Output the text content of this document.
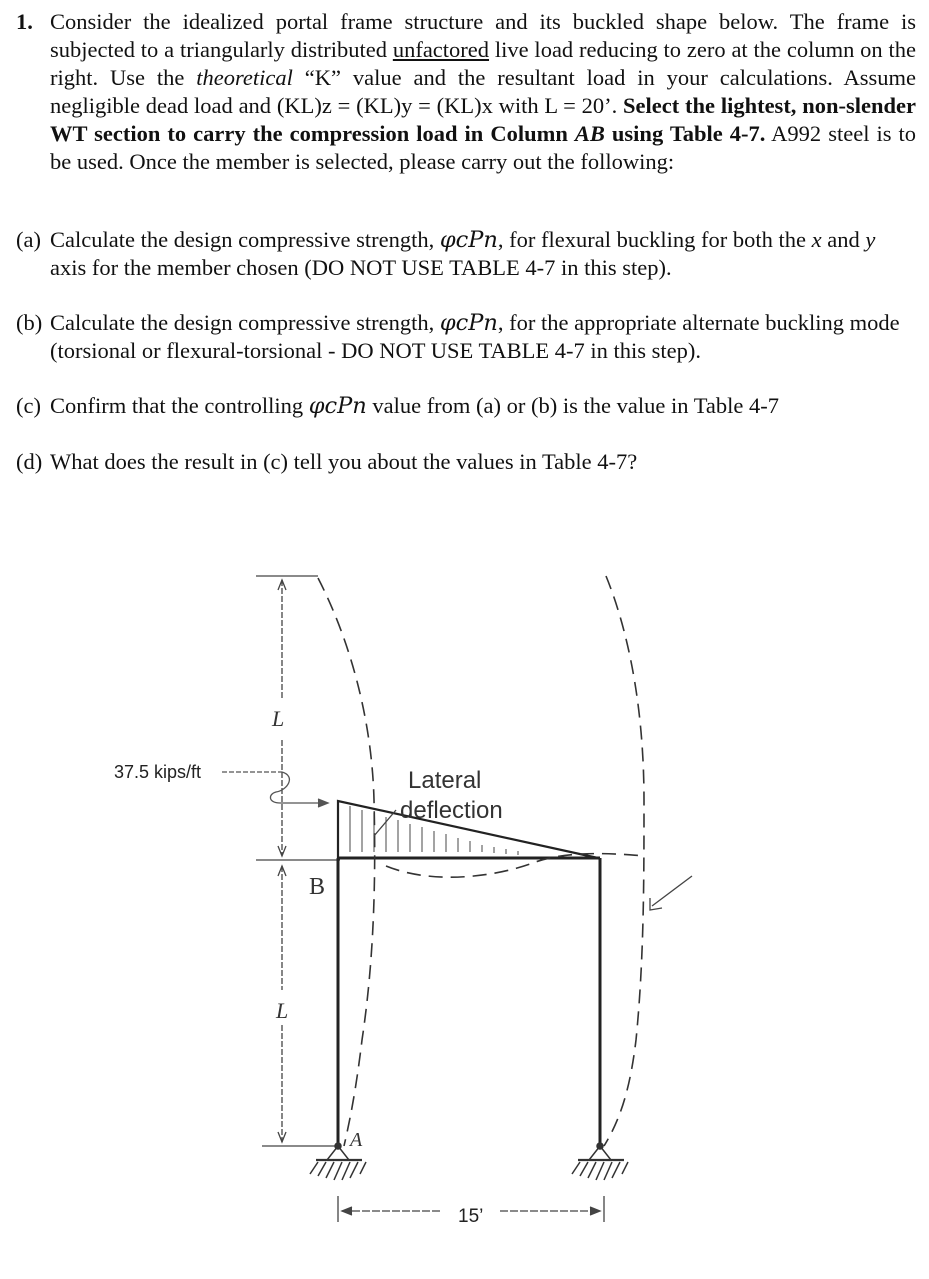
1. Consider the idealized portal frame structure and its buckled shape below. The frame is subjected to a triangularly distributed unfactored live load reducing to zero at the column on the right. Use the theoretical “K” value and the resultant load in your calculations. Assume negligible dead load and (KL)z = (KL)y = (KL)x with L = 20’. Select the lightest, non-slender WT section to carry the compression load in Column AB using Table 4-7. A992 steel is to be used. Once the member is selected, please carry out the following:
(a) Calculate the design compressive strength, φcPn, for flexural buckling for both the x and y axis for the member chosen (DO NOT USE TABLE 4-7 in this step).
(b) Calculate the design compressive strength, φcPn, for the appropriate alternate buckling mode (torsional or flexural-torsional - DO NOT USE TABLE 4-7 in this step).
(c) Confirm that the controlling φcPn value from (a) or (b) is the value in Table 4-7
(d) What does the result in (c) tell you about the values in Table 4-7?
L
L
37.5 kips/ft	Lateral
deflection
B
A
15’
